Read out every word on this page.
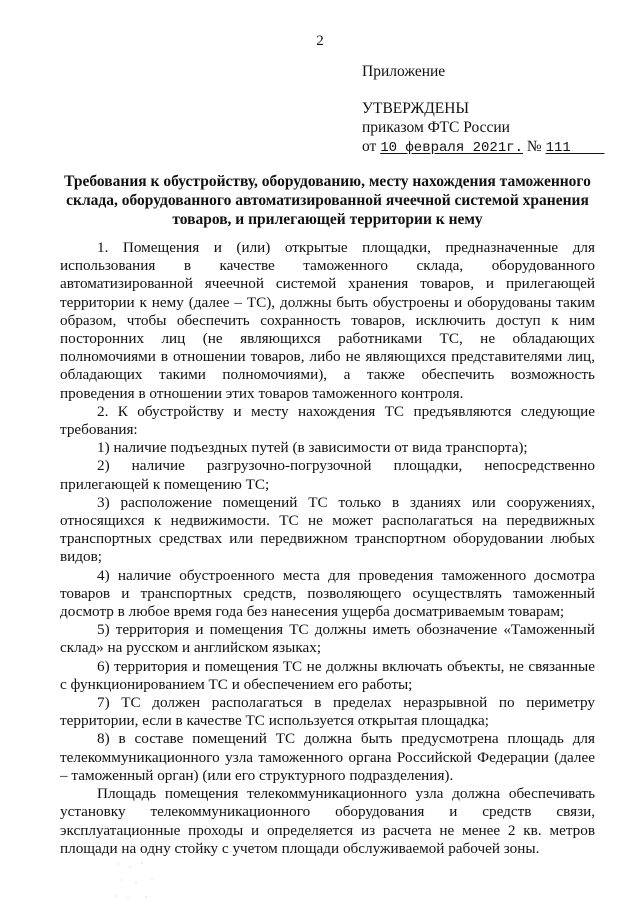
2
Приложение
УТВЕРЖДЕНЫ
приказом ФТС России
от 10 февраля 2021г. № 111
Требования к обустройству, оборудованию, месту нахождения таможенного
склада, оборудованного автоматизированной ячеечной системой хранения
товаров, и прилегающей территории к нему

1. Помещения и (или) открытые площадки, предназначенные для использования в качестве таможенного склада, оборудованного автоматизированной ячеечной системой хранения товаров, и прилегающей территории к нему (далее – ТС), должны быть обустроены и оборудованы таким образом, чтобы обеспечить сохранность товаров, исключить доступ к ним посторонних лиц (не являющихся работниками ТС, не обладающих полномочиями в отношении товаров, либо не являющихся представителями лиц, обладающих такими полномочиями), а также обеспечить возможность проведения в отношении этих товаров таможенного контроля.

2. К обустройству и месту нахождения ТС предъявляются следующие требования:

1) наличие подъездных путей (в зависимости от вида транспорта);

2) наличие разгрузочно-погрузочной площадки, непосредственно прилегающей к помещению ТС;

3) расположение помещений ТС только в зданиях или сооружениях, относящихся к недвижимости. ТС не может располагаться на передвижных транспортных средствах или передвижном транспортном оборудовании любых видов;

4) наличие обустроенного места для проведения таможенного досмотра товаров и транспортных средств, позволяющего осуществлять таможенный досмотр в любое время года без нанесения ущерба досматриваемым товарам;

5) территория и помещения ТС должны иметь обозначение «Таможенный склад» на русском и английском языках;

6) территория и помещения ТС не должны включать объекты, не связанные с функционированием ТС и обеспечением его работы;

7) ТС должен располагаться в пределах неразрывной по периметру территории, если в качестве ТС используется открытая площадка;

8) в составе помещений ТС должна быть предусмотрена площадь для телекоммуникационного узла таможенного органа Российской Федерации (далее – таможенный орган) (или его структурного подразделения).

Площадь помещения телекоммуникационного узла должна обеспечивать установку телекоммуникационного оборудования и средств связи, эксплуатационные проходы и определяется из расчета не менее 2 кв. метров площади на одну стойку с учетом площади обслуживаемой рабочей зоны.
